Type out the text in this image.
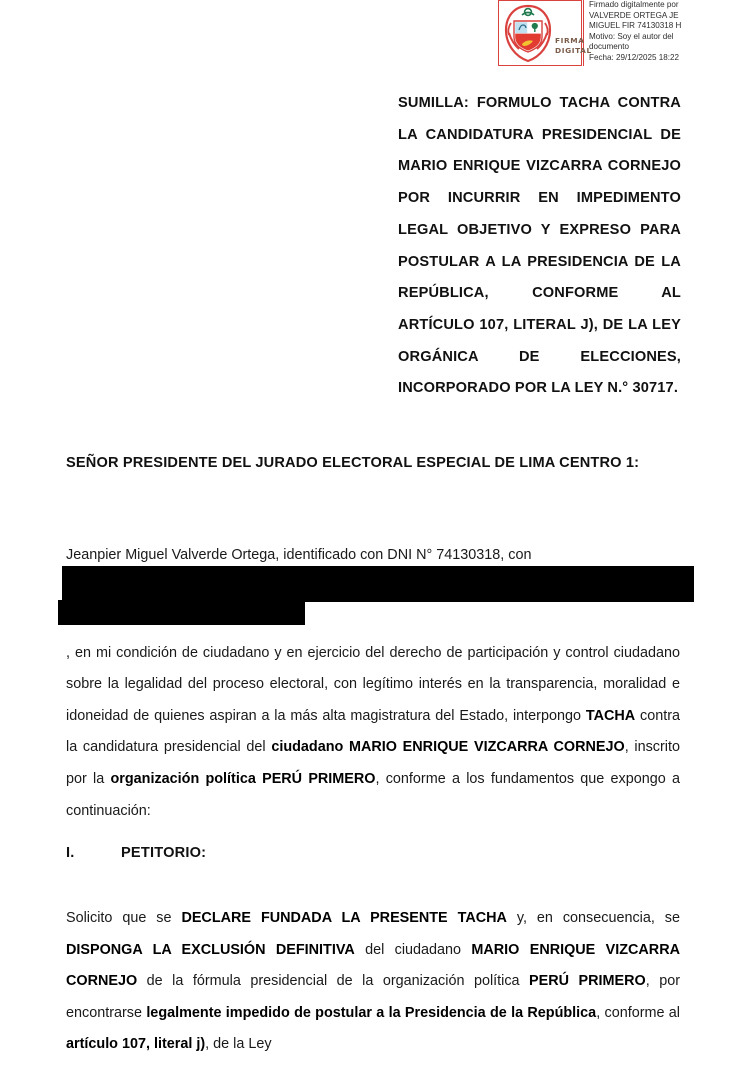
FIRMA
DIGITAL
Firmado digitalmente por
VALVERDE ORTEGA JE
MIGUEL FIR 74130318 H
Motivo: Soy el autor del
documento
Fecha: 29/12/2025 18:22
SUMILLA: FORMULO TACHA CONTRA LA CANDIDATURA PRESIDENCIAL DE MARIO ENRIQUE VIZCARRA CORNEJO POR INCURRIR EN IMPEDIMENTO LEGAL OBJETIVO Y EXPRESO PARA POSTULAR A LA PRESIDENCIA DE LA REPÚBLICA, CONFORME AL ARTÍCULO 107, LITERAL J), DE LA LEY ORGÁNICA DE ELECCIONES, INCORPORADO POR LA LEY N.° 30717.
SEÑOR PRESIDENTE DEL JURADO ELECTORAL ESPECIAL DE LIMA CENTRO 1:
Jeanpier Miguel Valverde Ortega, identificado con DNI N° 74130318, con
, en mi condición de ciudadano y en ejercicio del derecho de participación y control ciudadano sobre la legalidad del proceso electoral, con legítimo interés en la transparencia, moralidad e idoneidad de quienes aspiran a la más alta magistratura del Estado, interpongo TACHA contra la candidatura presidencial del ciudadano MARIO ENRIQUE VIZCARRA CORNEJO, inscrito por la organización política PERÚ PRIMERO, conforme a los fundamentos que expongo a continuación:
I.	PETITORIO:
Solicito que se DECLARE FUNDADA LA PRESENTE TACHA y, en consecuencia, se DISPONGA LA EXCLUSIÓN DEFINITIVA del ciudadano MARIO ENRIQUE VIZCARRA CORNEJO de la fórmula presidencial de la organización política PERÚ PRIMERO, por encontrarse legalmente impedido de postular a la Presidencia de la República, conforme al artículo 107, literal j), de la Ley
